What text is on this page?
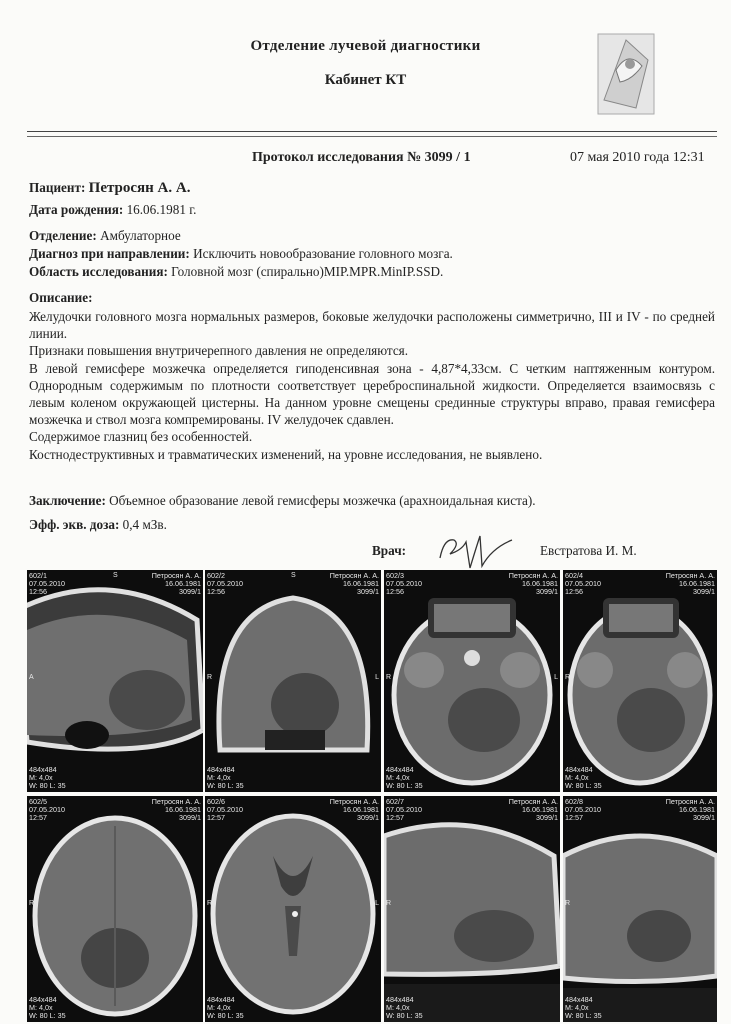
Отделение лучевой диагностики
Кабинет КТ
Протокол исследования № 3099 / 1	07 мая 2010 года 12:31
Пациент: Петросян А. А.
Дата рождения: 16.06.1981 г.
Отделение: Амбулаторное
Диагноз при направлении: Исключить новообразование головного мозга.
Область исследования: Головной мозг (спирально)MIP.MPR.MinIP.SSD.
Описание:

Желудочки головного мозга нормальных размеров, боковые желудочки расположены симметрично, III и IV - по средней линии.

Признаки повышения внутричерепного давления не определяются.

В левой гемисфере мозжечка определяется гиподенсивная зона - 4,87*4,33см. С четким наптяженным контуром. Однородным содержимым по плотности соответствует цереброспинальной жидкости. Определяется взаимосвязь с левым коленом окружающей цистерны. На данном уровне смещены срединные структуры вправо, правая гемисфера мозжечка и ствол мозга компремированы. IV желудочек сдавлен.

Содержимое глазниц без особенностей.

Костнодеструктивных и травматических изменений, на уровне исследования, не выявлено.

Заключение: Объемное образование левой гемисферы мозжечка (арахноидальная киста).
Эфф. экв. доза: 0,4 мЗв.
Врач:	Евстратова И. М.
602/1
07.05.2010
12:56
Петросян А. А.
16.06.1981
3099/1
484x484
M: 4,0x
W: 80 L: 35
S
A
602/2
07.05.2010
12:56
Петросян А. А.
16.06.1981
3099/1
484x484
M: 4,0x
W: 80 L: 35
S
R	L
602/3
07.05.2010
12:56
Петросян А. А.
16.06.1981
3099/1
484x484
M: 4,0x
W: 80 L: 35
R	L
602/4
07.05.2010
12:56
Петросян А. А.
16.06.1981
3099/1
484x484
M: 4,0x
W: 80 L: 35
R
602/5
07.05.2010
12:57
Петросян А. А.
16.06.1981
3099/1
484x484
M: 4,0x
W: 80 L: 35
R
602/6
07.05.2010
12:57
Петросян А. А.
16.06.1981
3099/1
484x484
M: 4,0x
W: 80 L: 35
R	L
602/7
07.05.2010
12:57
Петросян А. А.
16.06.1981
3099/1
484x484
M: 4,0x
W: 80 L: 35
R
602/8
07.05.2010
12:57
Петросян А. А.
16.06.1981
3099/1
484x484
M: 4,0x
W: 80 L: 35
R
